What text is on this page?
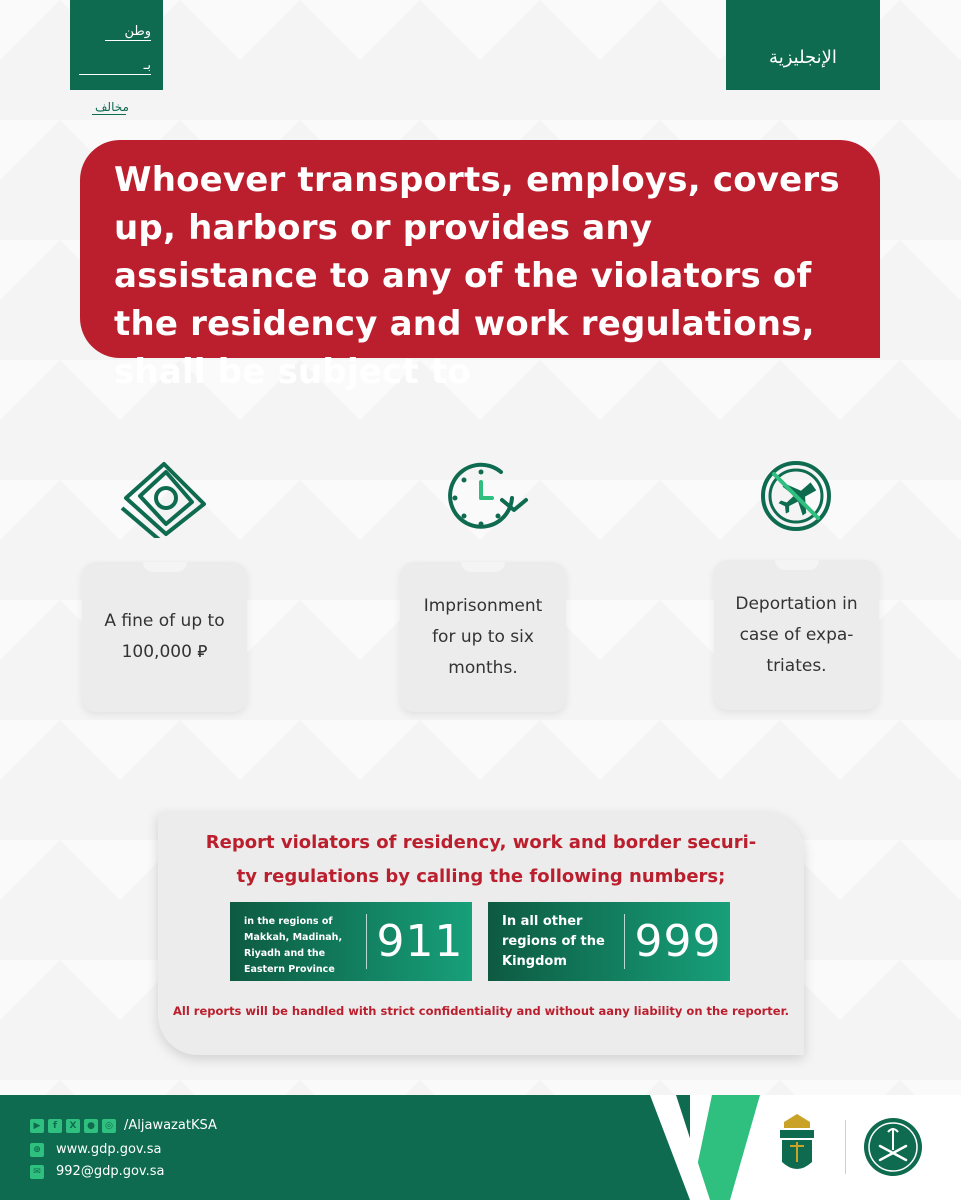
وطن
بـ
مخالف
الإنجليزية
Whoever transports, employs, covers up, harbors or provides any assistance to any of the violators of the residency and work regulations, shall be subject to
A fine of up to
100,000 ⃁
Imprisonment for up to six months.
Deportation in
case of expa-
triates.
Report violators of residency, work and border securi-
ty regulations by calling the following numbers;
in the regions of
Makkah, Madinah,
Riyadh and the
Eastern Province
911	In all other
regions of the
Kingdom	999
All reports will be handled with strict confidentiality and without aany liability on the reporter.
▶	f	X	●	◎ /AljawazatKSA
⊕ www.gdp.gov.sa
✉ 992@gdp.gov.sa
